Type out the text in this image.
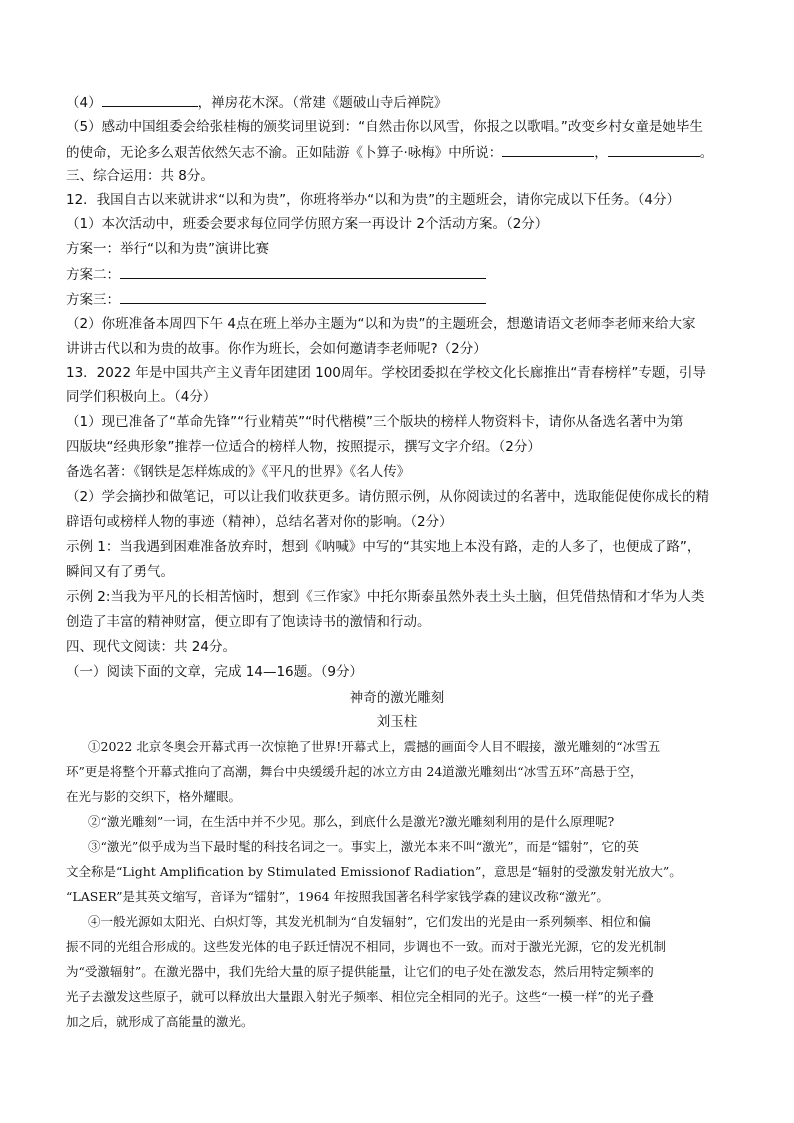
（4）	，禅房花木深。（常建《题破山寺后禅院》
（5）感动中国组委会给张桂梅的颁奖词里说到：“自然击你以风雪，你报之以歌唱。”改变乡村女童是她毕生
的使命，无论多么艰苦依然矢志不渝。正如陆游《卜算子·咏梅》中所说：	，	。
三、综合运用：共 8分。
12．我国自古以来就讲求“以和为贵”，你班将举办“以和为贵”的主题班会，请你完成以下任务。（4分）
（1）本次活动中，班委会要求每位同学仿照方案一再设计 2个活动方案。（2分）
方案一：举行“以和为贵”演讲比赛
方案二：
方案三：
（2）你班准备本周四下午 4点在班上举办主题为“以和为贵”的主题班会，想邀请语文老师李老师来给大家
讲讲古代以和为贵的故事。你作为班长，会如何邀请李老师呢?（2分）
13．2022 年是中国共产主义青年团建团 100周年。学校团委拟在学校文化长廊推出“青春榜样”专题，引导
同学们积极向上。（4分）
（1）现已准备了“革命先锋”“行业精英”“时代楷模”三个版块的榜样人物资料卡，请你从备选名著中为第
四版块“经典形象”推荐一位适合的榜样人物，按照提示，撰写文字介绍。（2分）
备选名著：《钢铁是怎样炼成的》《平凡的世界》《名人传》
（2）学会摘抄和做笔记，可以让我们收获更多。请仿照示例，从你阅读过的名著中，选取能促使你成长的精
辟语句或榜样人物的事迹（精神），总结名著对你的影响。（2分）
示例 1：当我遇到困难准备放弃时，想到《呐喊》中写的“其实地上本没有路，走的人多了，也便成了路”，
瞬间又有了勇气。
示例 2:当我为平凡的长相苦恼时，想到《三作家》中托尔斯泰虽然外表土头土脑，但凭借热情和才华为人类
创造了丰富的精神财富，便立即有了饱读诗书的激情和行动。
四、现代文阅读：共 24分。
（一）阅读下面的文章，完成 14—16题。（9分）
神奇的激光雕刻
刘玉柱
①2022 北京冬奥会开幕式再一次惊艳了世界!开幕式上，震撼的画面令人目不暇接，激光雕刻的“冰雪五
环”更是将整个开幕式推向了高潮，舞台中央缓缓升起的冰立方由 24道激光雕刻出“冰雪五环”高悬于空，
在光与影的交织下，格外耀眼。
②“激光雕刻”一词，在生活中并不少见。那么，到底什么是激光?激光雕刻利用的是什么原理呢?
③“激光”似乎成为当下最时髦的科技名词之一。事实上，激光本来不叫“激光”，而是“镭射”，它的英
文全称是“Light Amplification by Stimulated Emissionof Radiation”，意思是“辐射的受激发射光放大”。
“LASER”是其英文缩写，音译为“镭射”，1964 年按照我国著名科学家钱学森的建议改称“激光”。
④一般光源如太阳光、白炽灯等，其发光机制为“自发辐射”，它们发出的光是由一系列频率、相位和偏
振不同的光组合形成的。这些发光体的电子跃迁情况不相同，步调也不一致。而对于激光光源，它的发光机制
为“受激辐射”。在激光器中，我们先给大量的原子提供能量，让它们的电子处在激发态，然后用特定频率的
光子去激发这些原子，就可以释放出大量跟入射光子频率、相位完全相同的光子。这些“一模一样”的光子叠
加之后，就形成了高能量的激光。
